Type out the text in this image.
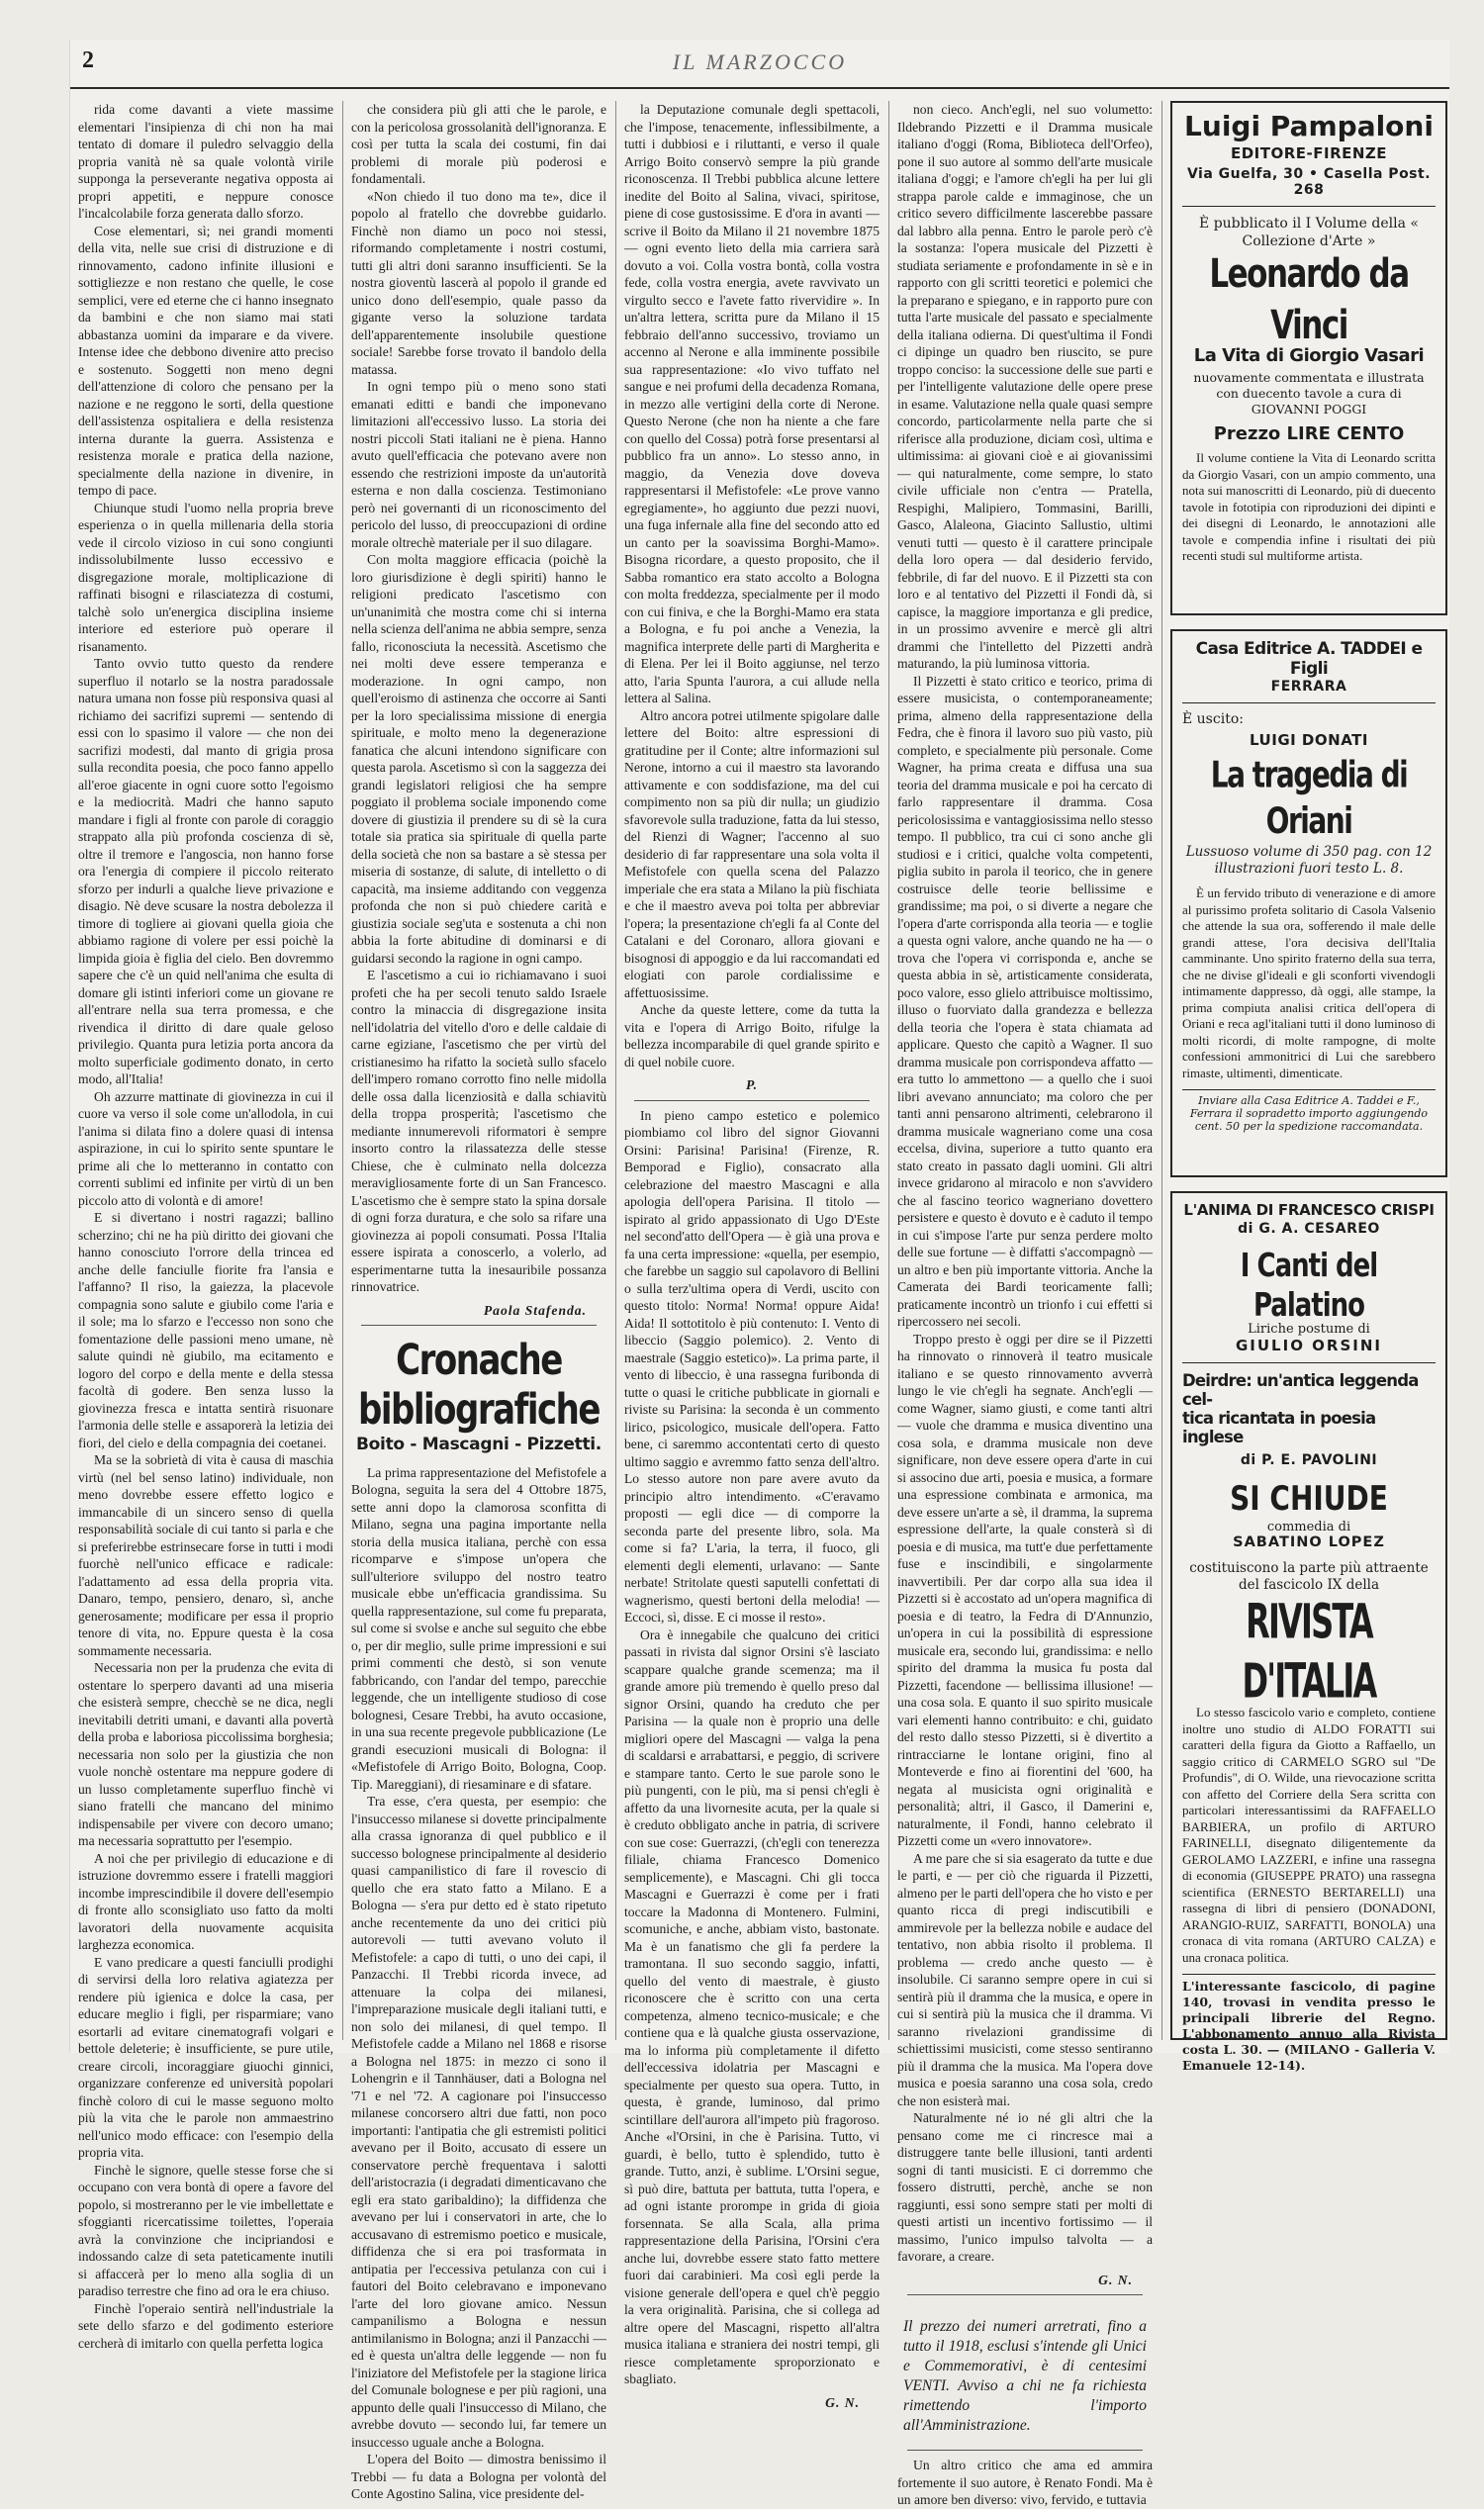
2	IL MARZOCCO

rida come davanti a viete massime elementari l'insipienza di chi non ha mai tentato di domare il puledro selvaggio della propria vanità nè sa quale volontà virile supponga la perseverante negativa opposta ai propri appetiti, e neppure conosce l'incalcolabile forza generata dallo sforzo.

Cose elementari, sì; nei grandi momenti della vita, nelle sue crisi di distruzione e di rinnovamento, cadono infinite illusioni e sottigliezze e non restano che quelle, le cose semplici, vere ed eterne che ci hanno insegnato da bambini e che non siamo mai stati abbastanza uomini da imparare e da vivere. Intense idee che debbono divenire atto preciso e sostenuto. Soggetti non meno degni dell'attenzione di coloro che pensano per la nazione e ne reggono le sorti, della questione dell'assistenza ospitaliera e della resistenza interna durante la guerra. Assistenza e resistenza morale e pratica della nazione, specialmente della nazione in divenire, in tempo di pace.

Chiunque studi l'uomo nella propria breve esperienza o in quella millenaria della storia vede il circolo vizioso in cui sono congiunti indissolubilmente lusso eccessivo e disgregazione morale, moltiplicazione di raffinati bisogni e rilasciatezza di costumi, talchè solo un'energica disciplina insieme interiore ed esteriore può operare il risanamento.

Tanto ovvio tutto questo da rendere superfluo il notarlo se la nostra paradossale natura umana non fosse più responsiva quasi al richiamo dei sacrifizi supremi — sentendo di essi con lo spasimo il valore — che non dei sacrifizi modesti, dal manto di grigia prosa sulla recondita poesia, che poco fanno appello all'eroe giacente in ogni cuore sotto l'egoismo e la mediocrità. Madri che hanno saputo mandare i figli al fronte con parole di coraggio strappato alla più profonda coscienza di sè, oltre il tremore e l'angoscia, non hanno forse ora l'energia di compiere il piccolo reiterato sforzo per indurli a qualche lieve privazione e disagio. Nè deve scusare la nostra debolezza il timore di togliere ai giovani quella gioia che abbiamo ragione di volere per essi poichè la limpida gioia è figlia del cielo. Ben dovremmo sapere che c'è un quid nell'anima che esulta di domare gli istinti inferiori come un giovane re all'entrare nella sua terra promessa, e che rivendica il diritto di dare quale geloso privilegio. Quanta pura letizia porta ancora da molto superficiale godimento donato, in certo modo, all'Italia!

Oh azzurre mattinate di giovinezza in cui il cuore va verso il sole come un'allodola, in cui l'anima si dilata fino a dolere quasi di intensa aspirazione, in cui lo spirito sente spuntare le prime ali che lo metteranno in contatto con correnti sublimi ed infinite per virtù di un ben piccolo atto di volontà e di amore!

E si divertano i nostri ragazzi; ballino scherzino; chi ne ha più diritto dei giovani che hanno conosciuto l'orrore della trincea ed anche delle fanciulle fiorite fra l'ansia e l'affanno? Il riso, la gaiezza, la placevole compagnia sono salute e giubilo come l'aria e il sole; ma lo sfarzo e l'eccesso non sono che fomentazione delle passioni meno umane, nè salute quindi nè giubilo, ma ecitamento e logoro del corpo e della mente e della stessa facoltà di godere. Ben senza lusso la giovinezza fresca e intatta sentirà risuonare l'armonia delle stelle e assaporerà la letizia dei fiori, del cielo e della compagnia dei coetanei.

Ma se la sobrietà di vita è causa di maschia virtù (nel bel senso latino) individuale, non meno dovrebbe essere effetto logico e immancabile di un sincero senso di quella responsabilità sociale di cui tanto si parla e che si preferirebbe estrinsecare forse in tutti i modi fuorchè nell'unico efficace e radicale: l'adattamento ad essa della propria vita. Danaro, tempo, pensiero, denaro, sì, anche generosamente; modificare per essa il proprio tenore di vita, no. Eppure questa è la cosa sommamente necessaria.

Necessaria non per la prudenza che evita di ostentare lo sperpero davanti ad una miseria che esisterà sempre, checchè se ne dica, negli inevitabili detriti umani, e davanti alla povertà della proba e laboriosa piccolissima borghesia; necessaria non solo per la giustizia che non vuole nonchè ostentare ma neppure godere di un lusso completamente superfluo finchè vi siano fratelli che mancano del minimo indispensabile per vivere con decoro umano; ma necessaria soprattutto per l'esempio.

A noi che per privilegio di educazione e di istruzione dovremmo essere i fratelli maggiori incombe imprescindibile il dovere dell'esempio di fronte allo sconsigliato uso fatto da molti lavoratori della nuovamente acquisita larghezza economica.

E vano predicare a questi fanciulli prodighi di servirsi della loro relativa agiatezza per rendere più igienica e dolce la casa, per educare meglio i figli, per risparmiare; vano esortarli ad evitare cinematografi volgari e bettole deleterie; è insufficiente, se pure utile, creare circoli, incoraggiare giuochi ginnici, organizzare conferenze ed università popolari finchè coloro di cui le masse seguono molto più la vita che le parole non ammaestrino nell'unico modo efficace: con l'esempio della propria vita.

Finchè le signore, quelle stesse forse che si occupano con vera bontà di opere a favore del popolo, si mostreranno per le vie imbellettate e sfoggianti ricercatissime toilettes, l'operaia avrà la convinzione che incipriandosi e indossando calze di seta pateticamente inutili si affaccerà per lo meno alla soglia di un paradiso terrestre che fino ad ora le era chiuso.

Finchè l'operaio sentirà nell'industriale la sete dello sfarzo e del godimento esteriore cercherà di imitarlo con quella perfetta logica

che considera più gli atti che le parole, e con la pericolosa grossolanità dell'ignoranza. E così per tutta la scala dei costumi, fin dai problemi di morale più poderosi e fondamentali.

«Non chiedo il tuo dono ma te», dice il popolo al fratello che dovrebbe guidarlo. Finchè non diamo un poco noi stessi, riformando completamente i nostri costumi, tutti gli altri doni saranno insufficienti. Se la nostra gioventù lascerà al popolo il grande ed unico dono dell'esempio, quale passo da gigante verso la soluzione tardata dell'apparentemente insolubile questione sociale! Sarebbe forse trovato il bandolo della matassa.

In ogni tempo più o meno sono stati emanati editti e bandi che imponevano limitazioni all'eccessivo lusso. La storia dei nostri piccoli Stati italiani ne è piena. Hanno avuto quell'efficacia che potevano avere non essendo che restrizioni imposte da un'autorità esterna e non dalla coscienza. Testimoniano però nei governanti di un riconoscimento del pericolo del lusso, di preoccupazioni di ordine morale oltrechè materiale per il suo dilagare.

Con molta maggiore efficacia (poichè la loro giurisdizione è degli spiriti) hanno le religioni predicato l'ascetismo con un'unanimità che mostra come chi si interna nella scienza dell'anima ne abbia sempre, senza fallo, riconosciuta la necessità. Ascetismo che nei molti deve essere temperanza e moderazione. In ogni campo, non quell'eroismo di astinenza che occorre ai Santi per la loro specialissima missione di energia spirituale, e molto meno la degenerazione fanatica che alcuni intendono significare con questa parola. Ascetismo sì con la saggezza dei grandi legislatori religiosi che ha sempre poggiato il problema sociale imponendo come dovere di giustizia il prendere su di sè la cura totale sia pratica sia spirituale di quella parte della società che non sa bastare a sè stessa per miseria di sostanze, di salute, di intelletto o di capacità, ma insieme additando con veggenza profonda che non si può chiedere carità e giustizia sociale seg'uta e sostenuta a chi non abbia la forte abitudine di dominarsi e di guidarsi secondo la ragione in ogni campo.

E l'ascetismo a cui io richiamavano i suoi profeti che ha per secoli tenuto saldo Israele contro la minaccia di disgregazione insita nell'idolatria del vitello d'oro e delle caldaie di carne egiziane, l'ascetismo che per virtù del cristianesimo ha rifatto la società sullo sfacelo dell'impero romano corrotto fino nelle midolla delle ossa dalla licenziosità e dalla schiavitù della troppa prosperità; l'ascetismo che mediante innumerevoli riformatori è sempre insorto contro la rilassatezza delle stesse Chiese, che è culminato nella dolcezza meravigliosamente forte di un San Francesco. L'ascetismo che è sempre stato la spina dorsale di ogni forza duratura, e che solo sa rifare una giovinezza ai popoli consumati. Possa l'Italia essere ispirata a conoscerlo, a volerlo, ad esperimentarne tutta la inesauribile possanza rinnovatrice.

Paola Stafenda.
Cronache bibliografiche
Boito - Mascagni - Pizzetti.

La prima rappresentazione del Mefistofele a Bologna, seguita la sera del 4 Ottobre 1875, sette anni dopo la clamorosa sconfitta di Milano, segna una pagina importante nella storia della musica italiana, perchè con essa ricomparve e s'impose un'opera che sull'ulteriore sviluppo del nostro teatro musicale ebbe un'efficacia grandissima. Su quella rappresentazione, sul come fu preparata, sul come si svolse e anche sul seguito che ebbe o, per dir meglio, sulle prime impressioni e sui primi commenti che destò, si son venute fabbricando, con l'andar del tempo, parecchie leggende, che un intelligente studioso di cose bolognesi, Cesare Trebbi, ha avuto occasione, in una sua recente pregevole pubblicazione (Le grandi esecuzioni musicali di Bologna: il «Mefistofele di Arrigo Boito, Bologna, Coop. Tip. Mareggiani), di riesaminare e di sfatare.

Tra esse, c'era questa, per esempio: che l'insuccesso milanese si dovette principalmente alla crassa ignoranza di quel pubblico e il successo bolognese principalmente al desiderio quasi campanilistico di fare il rovescio di quello che era stato fatto a Milano. E a Bologna — s'era pur detto ed è stato ripetuto anche recentemente da uno dei critici più autorevoli — tutti avevano voluto il Mefistofele: a capo di tutti, o uno dei capi, il Panzacchi. Il Trebbi ricorda invece, ad attenuare la colpa dei milanesi, l'impreparazione musicale degli italiani tutti, e non solo dei milanesi, di quel tempo. Il Mefistofele cadde a Milano nel 1868 e risorse a Bologna nel 1875: in mezzo ci sono il Lohengrin e il Tannhäuser, dati a Bologna nel '71 e nel '72. A cagionare poi l'insuccesso milanese concorsero altri due fatti, non poco importanti: l'antipatia che gli estremisti politici avevano per il Boito, accusato di essere un conservatore perchè frequentava i salotti dell'aristocrazia (i degradati dimenticavano che egli era stato garibaldino); la diffidenza che avevano per lui i conservatori in arte, che lo accusavano di estremismo poetico e musicale, diffidenza che si era poi trasformata in antipatia per l'eccessiva petulanza con cui i fautori del Boito celebravano e imponevano l'arte del loro giovane amico. Nessun campanilismo a Bologna e nessun antimilanismo in Bologna; anzi il Panzacchi — ed è questa un'altra delle leggende — non fu l'iniziatore del Mefistofele per la stagione lirica del Comunale bolognese e per più ragioni, una appunto delle quali l'insuccesso di Milano, che avrebbe dovuto — secondo lui, far temere un insuccesso uguale anche a Bologna.

L'opera del Boito — dimostra benissimo il Trebbi — fu data a Bologna per volontà del Conte Agostino Salina, vice presidente del-

la Deputazione comunale degli spettacoli, che l'impose, tenacemente, inflessibilmente, a tutti i dubbiosi e i riluttanti, e verso il quale Arrigo Boito conservò sempre la più grande riconoscenza. Il Trebbi pubblica alcune lettere inedite del Boito al Salina, vivaci, spiritose, piene di cose gustosissime. E d'ora in avanti — scrive il Boito da Milano il 21 novembre 1875 — ogni evento lieto della mia carriera sarà dovuto a voi. Colla vostra bontà, colla vostra fede, colla vostra energia, avete ravvivato un virgulto secco e l'avete fatto rivervidire ». In un'altra lettera, scritta pure da Milano il 15 febbraio dell'anno successivo, troviamo un accenno al Nerone e alla imminente possibile sua rappresentazione: «Io vivo tuffato nel sangue e nei profumi della decadenza Romana, in mezzo alle vertigini della corte di Nerone. Questo Nerone (che non ha niente a che fare con quello del Cossa) potrà forse presentarsi al pubblico fra un anno». Lo stesso anno, in maggio, da Venezia dove doveva rappresentarsi il Mefistofele: «Le prove vanno egregiamente», ho aggiunto due pezzi nuovi, una fuga infernale alla fine del secondo atto ed un canto per la soavissima Borghi-Mamo». Bisogna ricordare, a questo proposito, che il Sabba romantico era stato accolto a Bologna con molta freddezza, specialmente per il modo con cui finiva, e che la Borghi-Mamo era stata a Bologna, e fu poi anche a Venezia, la magnifica interprete delle parti di Margherita e di Elena. Per lei il Boito aggiunse, nel terzo atto, l'aria Spunta l'aurora, a cui allude nella lettera al Salina.

Altro ancora potrei utilmente spigolare dalle lettere del Boito: altre espressioni di gratitudine per il Conte; altre informazioni sul Nerone, intorno a cui il maestro sta lavorando attivamente e con soddisfazione, ma del cui compimento non sa più dir nulla; un giudizio sfavorevole sulla traduzione, fatta da lui stesso, del Rienzi di Wagner; l'accenno al suo desiderio di far rappresentare una sola volta il Mefistofele con quella scena del Palazzo imperiale che era stata a Milano la più fischiata e che il maestro aveva poi tolta per abbreviar l'opera; la presentazione ch'egli fa al Conte del Catalani e del Coronaro, allora giovani e bisognosi di appoggio e da lui raccomandati ed elogiati con parole cordialissime e affettuosissime.

Anche da queste lettere, come da tutta la vita e l'opera di Arrigo Boito, rifulge la bellezza incomparabile di quel grande spirito e di quel nobile cuore.

P.

In pieno campo estetico e polemico piombiamo col libro del signor Giovanni Orsini: Parisina! Parisina! (Firenze, R. Bemporad e Figlio), consacrato alla celebrazione del maestro Mascagni e alla apologia dell'opera Parisina. Il titolo — ispirato al grido appassionato di Ugo D'Este nel second'atto dell'Opera — è già una prova e fa una certa impressione: «quella, per esempio, che farebbe un saggio sul capolavoro di Bellini o sulla terz'ultima opera di Verdi, uscito con questo titolo: Norma! Norma! oppure Aida! Aida! Il sottotitolo è più contenuto: I. Vento di libeccio (Saggio polemico). 2. Vento di maestrale (Saggio estetico)». La prima parte, il vento di libeccio, è una rassegna furibonda di tutte o quasi le critiche pubblicate in giornali e riviste su Parisina: la seconda è un commento lirico, psicologico, musicale dell'opera. Fatto bene, ci saremmo accontentati certo di questo ultimo saggio e avremmo fatto senza dell'altro. Lo stesso autore non pare avere avuto da principio altro intendimento. «C'eravamo proposti — egli dice — di comporre la seconda parte del presente libro, sola. Ma come si fa? L'aria, la terra, il fuoco, gli elementi degli elementi, urlavano: — Sante nerbate! Stritolate questi saputelli confettati di wagnerismo, questi bertoni della melodia! — Eccoci, sì, disse. E ci mosse il resto».

Ora è innegabile che qualcuno dei critici passati in rivista dal signor Orsini s'è lasciato scappare qualche grande scemenza; ma il grande amore più tremendo è quello preso dal signor Orsini, quando ha creduto che per Parisina — la quale non è proprio una delle migliori opere del Mascagni — valga la pena di scaldarsi e arrabattarsi, e peggio, di scrivere e stampare tanto. Certo le sue parole sono le più pungenti, con le più, ma si pensi ch'egli è affetto da una livornesite acuta, per la quale si è creduto obbligato anche in patria, di scrivere con sue cose: Guerrazzi, (ch'egli con tenerezza filiale, chiama Francesco Domenico semplicemente), e Mascagni. Chi gli tocca Mascagni e Guerrazzi è come per i frati toccare la Madonna di Montenero. Fulmini, scomuniche, e anche, abbiam visto, bastonate. Ma è un fanatismo che gli fa perdere la tramontana. Il suo secondo saggio, infatti, quello del vento di maestrale, è giusto riconoscere che è scritto con una certa competenza, almeno tecnico-musicale; e che contiene qua e là qualche giusta osservazione, ma lo informa più completamente il difetto dell'eccessiva idolatria per Mascagni e specialmente per questo sua opera. Tutto, in questa, è grande, luminoso, dal primo scintillare dell'aurora all'impeto più fragoroso. Anche «l'Orsini, in che è Parisina. Tutto, vi guardi, è bello, tutto è splendido, tutto è grande. Tutto, anzi, è sublime. L'Orsini segue, sì può dire, battuta per battuta, tutta l'opera, e ad ogni istante prorompe in grida di gioia forsennata. Se alla Scala, alla prima rappresentazione della Parisina, l'Orsini c'era anche lui, dovrebbe essere stato fatto mettere fuori dai carabinieri. Ma così egli perde la visione generale dell'opera e quel ch'è peggio la vera originalità. Parisina, che si collega ad altre opere del Mascagni, rispetto all'altra musica italiana e straniera dei nostri tempi, gli riesce completamente sproporzionato e sbagliato.

G. N.

non cieco. Anch'egli, nel suo volumetto: Ildebrando Pizzetti e il Dramma musicale italiano d'oggi (Roma, Biblioteca dell'Orfeo), pone il suo autore al sommo dell'arte musicale italiana d'oggi; e l'amore ch'egli ha per lui gli strappa parole calde e immaginose, che un critico severo difficilmente lascerebbe passare dal labbro alla penna. Entro le parole però c'è la sostanza: l'opera musicale del Pizzetti è studiata seriamente e profondamente in sè e in rapporto con gli scritti teoretici e polemici che la preparano e spiegano, e in rapporto pure con tutta l'arte musicale del passato e specialmente della italiana odierna. Di quest'ultima il Fondi ci dipinge un quadro ben riuscito, se pure troppo conciso: la successione delle sue parti e per l'intelligente valutazione delle opere prese in esame. Valutazione nella quale quasi sempre concordo, particolarmente nella parte che si riferisce alla produzione, diciam così, ultima e ultimissima: ai giovani cioè e ai giovanissimi — qui naturalmente, come sempre, lo stato civile ufficiale non c'entra — Pratella, Respighi, Malipiero, Tommasini, Barilli, Gasco, Alaleona, Giacinto Sallustio, ultimi venuti tutti — questo è il carattere principale della loro opera — dal desiderio fervido, febbrile, di far del nuovo. E il Pizzetti sta con loro e al tentativo del Pizzetti il Fondi dà, si capisce, la maggiore importanza e gli predice, in un prossimo avvenire e mercè gli altri drammi che l'intelletto del Pizzetti andrà maturando, la più luminosa vittoria.

Il Pizzetti è stato critico e teorico, prima di essere musicista, o contemporaneamente; prima, almeno della rappresentazione della Fedra, che è finora il lavoro suo più vasto, più completo, e specialmente più personale. Come Wagner, ha prima creata e diffusa una sua teoria del dramma musicale e poi ha cercato di farlo rappresentare il dramma. Cosa pericolosissima e vantaggiosissima nello stesso tempo. Il pubblico, tra cui ci sono anche gli studiosi e i critici, qualche volta competenti, piglia subito in parola il teorico, che in genere costruisce delle teorie bellissime e grandissime; ma poi, o si diverte a negare che l'opera d'arte corrisponda alla teoria — e toglie a questa ogni valore, anche quando ne ha — o trova che l'opera vi corrisponda e, anche se questa abbia in sè, artisticamente considerata, poco valore, esso glielo attribuisce moltissimo, illuso o fuorviato dalla grandezza e bellezza della teoria che l'opera è stata chiamata ad applicare. Questo che capitò a Wagner. Il suo dramma musicale pon corrispondeva affatto — era tutto lo ammettono — a quello che i suoi libri avevano annunciato; ma coloro che per tanti anni pensarono altrimenti, celebrarono il dramma musicale wagneriano come una cosa eccelsa, divina, superiore a tutto quanto era stato creato in passato dagli uomini. Gli altri invece gridarono al miracolo e non s'avvidero che al fascino teorico wagneriano dovettero persistere e questo è dovuto e è caduto il tempo in cui s'impose l'arte pur senza perdere molto delle sue fortune — è diffatti s'accompagnò — un altro e ben più importante vittoria. Anche la Camerata dei Bardi teoricamente fallì; praticamente incontrò un trionfo i cui effetti si ripercossero nei secoli.

Troppo presto è oggi per dire se il Pizzetti ha rinnovato o rinnoverà il teatro musicale italiano e se questo rinnovamento avverrà lungo le vie ch'egli ha segnate. Anch'egli — come Wagner, siamo giusti, e come tanti altri — vuole che dramma e musica diventino una cosa sola, e dramma musicale non deve significare, non deve essere opera d'arte in cui si associno due arti, poesia e musica, a formare una espressione combinata e armonica, ma deve essere un'arte a sè, il dramma, la suprema espressione dell'arte, la quale consterà sì di poesia e di musica, ma tutt'e due perfettamente fuse e inscindibili, e singolarmente inavvertibili. Per dar corpo alla sua idea il Pizzetti si è accostato ad un'opera magnifica di poesia e di teatro, la Fedra di D'Annunzio, un'opera in cui la possibilità di espressione musicale era, secondo lui, grandissima: e nello spirito del dramma la musica fu posta dal Pizzetti, facendone — bellissima illusione! — una cosa sola. E quanto il suo spirito musicale vari elementi hanno contribuito: e chi, guidato del resto dallo stesso Pizzetti, si è divertito a rintracciarne le lontane origini, fino al Monteverde e fino ai fiorentini del '600, ha negata al musicista ogni originalità e personalità; altri, il Gasco, il Damerini e, naturalmente, il Fondi, hanno celebrato il Pizzetti come un «vero innovatore».

A me pare che si sia esagerato da tutte e due le parti, e — per ciò che riguarda il Pizzetti, almeno per le parti dell'opera che ho visto e per quanto ricca di pregi indiscutibili e ammirevole per la bellezza nobile e audace del tentativo, non abbia risolto il problema. Il problema — credo anche questo — è insolubile. Ci saranno sempre opere in cui si sentirà più il dramma che la musica, e opere in cui si sentirà più la musica che il dramma. Vi saranno rivelazioni grandissime di schiettissimi musicisti, come stesso sentiranno più il dramma che la musica. Ma l'opera dove musica e poesia saranno una cosa sola, credo che non esisterà mai.

Naturalmente né io né gli altri che la pensano come me ci rincresce mai a distruggere tante belle illusioni, tanti ardenti sogni di tanti musicisti. E ci dorremmo che fossero distrutti, perchè, anche se non raggiunti, essi sono sempre stati per molti di questi artisti un incentivo fortissimo — il massimo, l'unico impulso talvolta — a favorare, a creare.

G. N.
Il prezzo dei numeri arretrati, fino a tutto il 1918, esclusi s'intende gli Unici e Commemorativi, è di centesimi VENTI. Avviso a chi ne fa richiesta rimettendo l'importo all'Amministrazione.

Un altro critico che ama ed ammira fortemente il suo autore, è Renato Fondi. Ma è un amore ben diverso: vivo, fervido, e tuttavia

Luigi Pampaloni
EDITORE-FIRENZE
Via Guelfa, 30 • Casella Post. 268
È pubblicato il I Volume della « Collezione d'Arte »
Leonardo da Vinci
La Vita di Giorgio Vasari
nuovamente commentata e illustrata con duecento tavole a cura di GIOVANNI POGGI
Prezzo LIRE CENTO

Il volume contiene la Vita di Leonardo scritta da Giorgio Vasari, con un ampio commento, una nota sui manoscritti di Leonardo, più di duecento tavole in fototipia con riproduzioni dei dipinti e dei disegni di Leonardo, le annotazioni alle tavole e compendia infine i risultati dei più recenti studi sul multiforme artista.

Casa Editrice A. TADDEI e Figli
FERRARA
È uscito:
LUIGI DONATI
La tragedia di Oriani
Lussuoso volume di 350 pag. con 12 illustrazioni fuori testo L. 8.

È un fervido tributo di venerazione e di amore al purissimo profeta solitario di Casola Valsenio che attende la sua ora, sofferendo il male delle grandi attese, l'ora decisiva dell'Italia camminante. Uno spirito fraterno della sua terra, che ne divise gl'ideali e gli sconforti vivendogli intimamente dappresso, dà oggi, alle stampe, la prima compiuta analisi critica dell'opera di Oriani e reca agl'italiani tutti il dono luminoso di molti ricordi, di molte rampogne, di molte confessioni ammonitrici di Lui che sarebbero rimaste, ultimentì, dimenticate.

Inviare alla Casa Editrice A. Taddei e F., Ferrara il sopradetto importo aggiungendo cent. 50 per la spedizione raccomandata.
L'ANIMA DI FRANCESCO CRISPI
di G. A. CESAREO
I Canti del Palatino
Liriche postume di
GIULIO ORSINI
Deirdre: un'antica leggenda cel-
tica ricantata in poesia inglese
di P. E. PAVOLINI
SI CHIUDE
commedia di
SABATINO LOPEZ
costituiscono la parte più attraente del fascicolo IX della
RIVISTA D'ITALIA

Lo stesso fascicolo vario e completo, contiene inoltre uno studio di ALDO FORATTI sui caratteri della figura da Giotto a Raffaello, un saggio critico di CARMELO SGRO sul "De Profundis", di O. Wilde, una rievocazione scritta con affetto del Corriere della Sera scritta con particolari interessantissimi da RAFFAELLO BARBIERA, un profilo di ARTURO FARINELLI, disegnato diligentemente da GEROLAMO LAZZERI, e infine una rassegna di economia (GIUSEPPE PRATO) una rassegna scientifica (ERNESTO BERTARELLI) una rassegna di libri di pensiero (DONADONI, ARANGIO-RUIZ, SARFATTI, BONOLA) una cronaca di vita romana (ARTURO CALZA) e una cronaca politica.

L'interessante fascicolo, di pagine 140, trovasi in vendita presso le principali librerie del Regno. L'abbonamento annuo alla Rivista costa L. 30. — (MILANO - Galleria V. Emanuele 12-14).
